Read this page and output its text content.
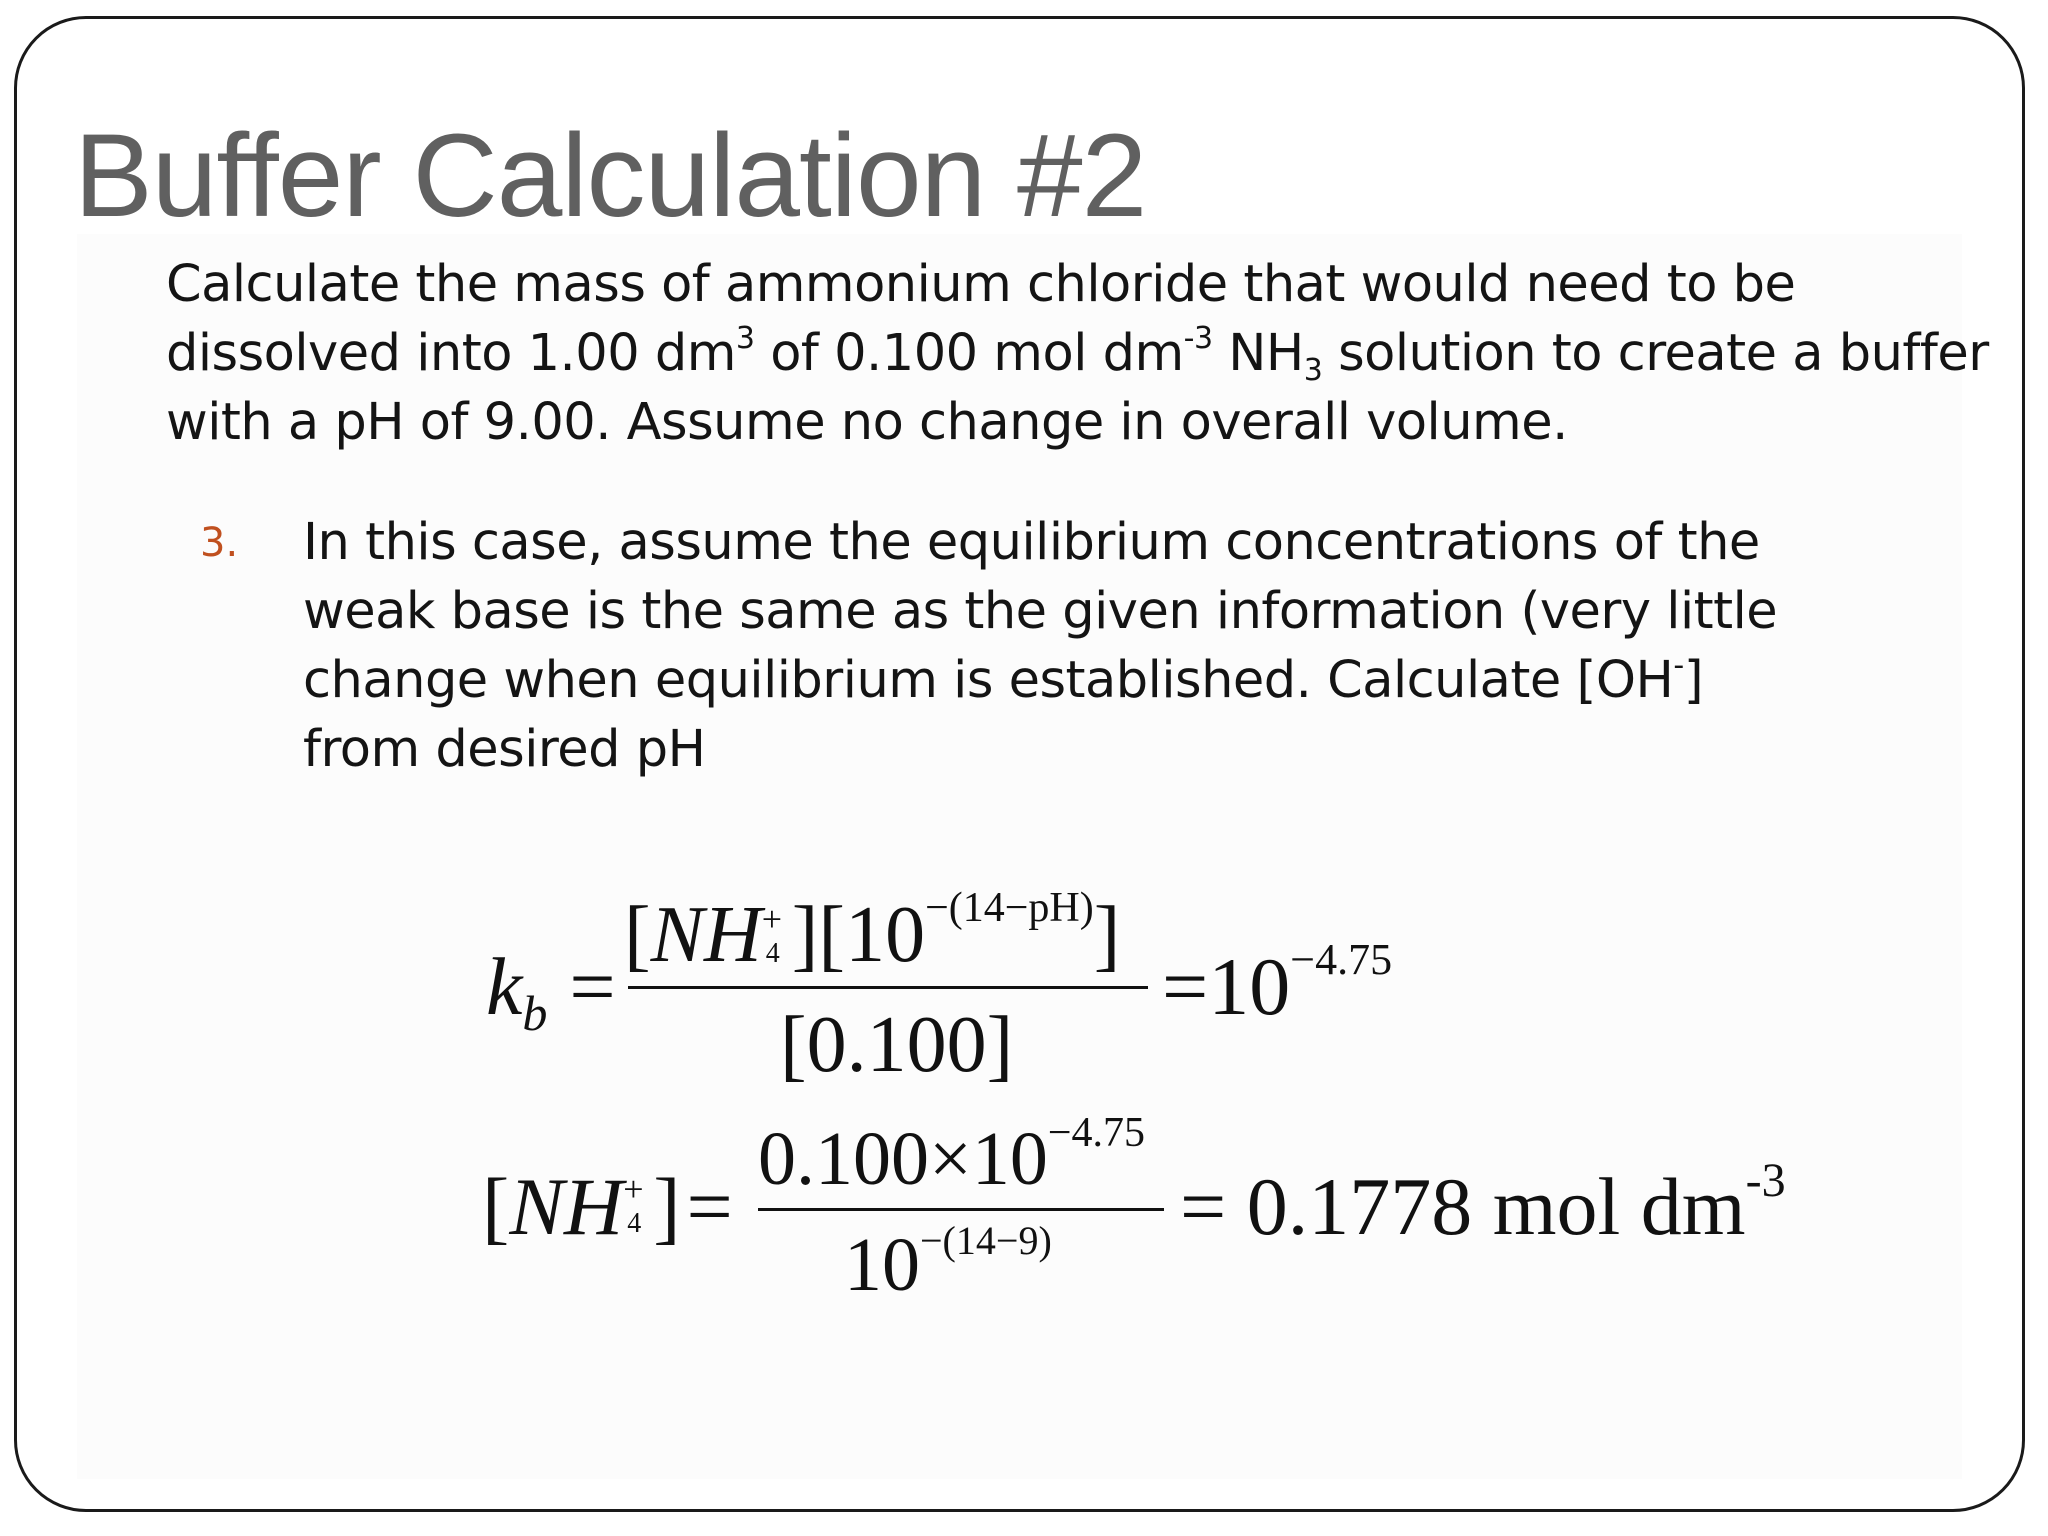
Buffer Calculation #2

Calculate the mass of ammonium chloride that would need to be
dissolved into 1.00 $dm^3$ of 0.100 mol $dm^{-3}$ $NH_3$ solution to create a buffer
with a pH of 9.00. Assume no change in overall volume.

3. In this case, assume the equilibrium concentrations of the
weak base is the same as the given information (very little
change when equilibrium is established. Calculate [OH-]
from desired pH

$k_b$ =
[NH +
4 ]$[10^{-(14-pH)}]$
[0.100]
$=10^{-4.75}$
[NH +
4 ]=
$0.100\times 10^{-4.75}$
$10^{-(14-9)} = 0.1778$ mol $dm^{-3}$
